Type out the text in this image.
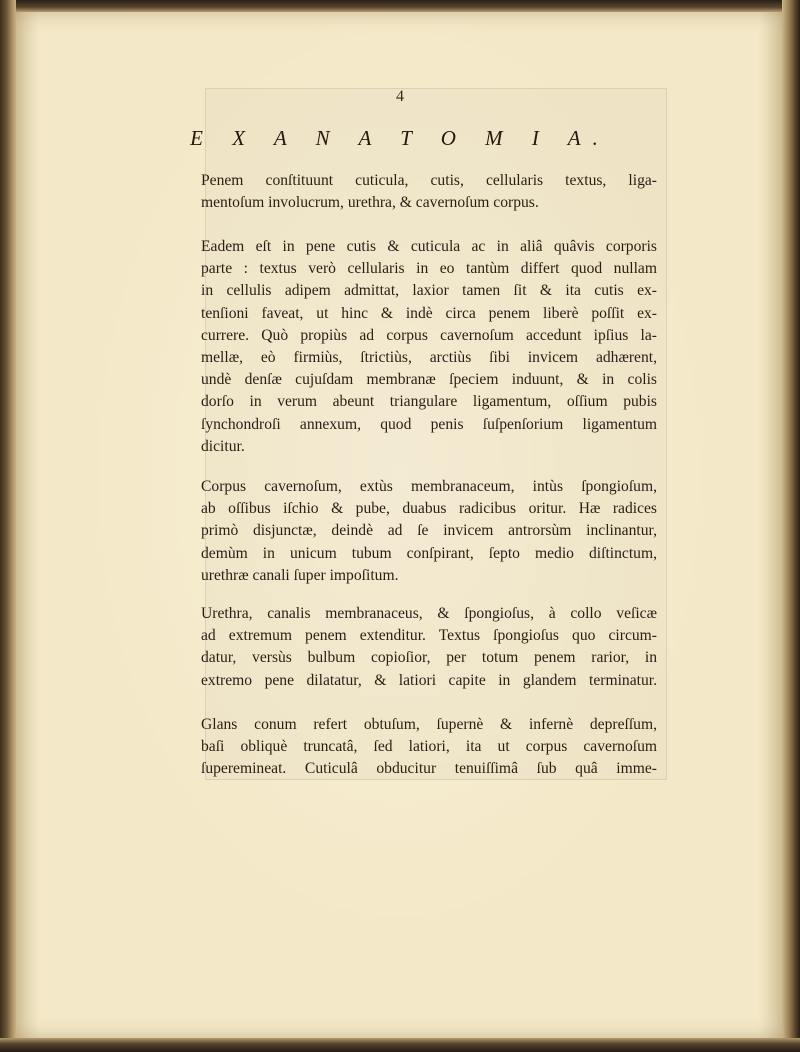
4
E X A N A T O M I A.
Penem conſtituunt cuticula, cutis, cellularis textus, liga-
mentoſum involucrum, urethra, & cavernoſum corpus.
Eadem eſt in pene cutis & cuticula ac in aliâ quâvis corporis
parte : textus verò cellularis in eo tantùm differt quod nullam
in cellulis adipem admittat, laxior tamen ſit & ita cutis ex-
tenſioni faveat, ut hinc & indè circa penem liberè poſſit ex-
currere. Quò propiùs ad corpus cavernoſum accedunt ipſius la-
mellæ, eò firmiùs, ſtrictiùs, arctiùs ſibi invicem adhærent,
undè denſæ cujuſdam membranæ ſpeciem induunt, & in colis
dorſo in verum abeunt triangulare ligamentum, oſſium pubis
ſynchondroſi annexum, quod penis ſuſpenſorium ligamentum
dicitur.
Corpus cavernoſum, extùs membranaceum, intùs ſpongioſum,
ab oſſibus iſchio & pube, duabus radicibus oritur. Hæ radices
primò disjunctæ, deindè ad ſe invicem antrorsùm inclinantur,
demùm in unicum tubum conſpirant, ſepto medio diſtinctum,
urethræ canali ſuper impoſitum.
Urethra, canalis membranaceus, & ſpongioſus, à collo veſicæ
ad extremum penem extenditur. Textus ſpongioſus quo circum-
datur, versùs bulbum copioſior, per totum penem rarior, in
extremo pene dilatatur, & latiori capite in glandem terminatur.
Glans conum refert obtuſum, ſupernè & infernè depreſſum,
baſi obliquè truncatâ, ſed latiori, ita ut corpus cavernoſum
ſuperemineat. Cuticulâ obducitur tenuiſſimâ ſub quâ imme-
